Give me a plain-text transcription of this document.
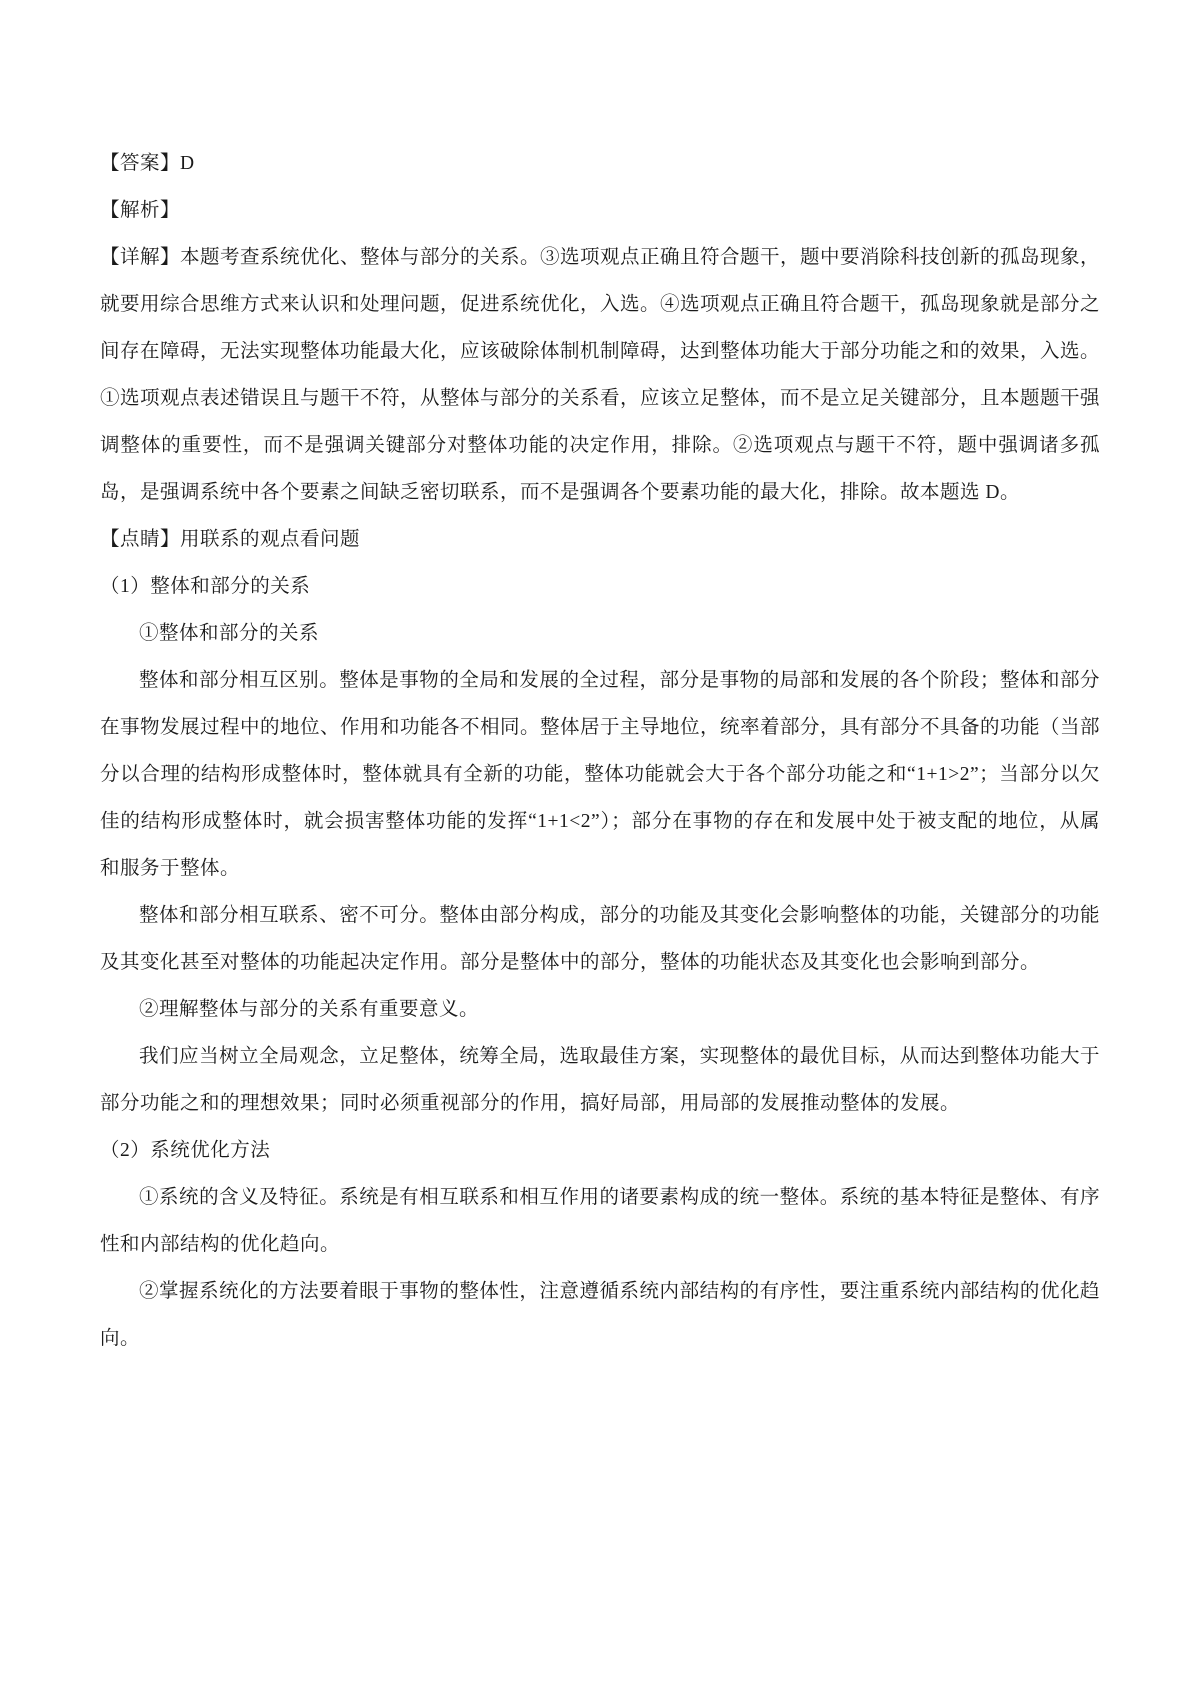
【答案】D

【解析】

【详解】本题考查系统优化、整体与部分的关系。③选项观点正确且符合题干，题中要消除科技创新的孤岛现象，就要用综合思维方式来认识和处理问题，促进系统优化，入选。④选项观点正确且符合题干，孤岛现象就是部分之间存在障碍，无法实现整体功能最大化，应该破除体制机制障碍，达到整体功能大于部分功能之和的效果，入选。①选项观点表述错误且与题干不符，从整体与部分的关系看，应该立足整体，而不是立足关键部分，且本题题干强调整体的重要性，而不是强调关键部分对整体功能的决定作用，排除。②选项观点与题干不符，题中强调诸多孤岛，是强调系统中各个要素之间缺乏密切联系，而不是强调各个要素功能的最大化，排除。故本题选 D。

【点睛】用联系的观点看问题

（1）整体和部分的关系

①整体和部分的关系

整体和部分相互区别。整体是事物的全局和发展的全过程，部分是事物的局部和发展的各个阶段；整体和部分在事物发展过程中的地位、作用和功能各不相同。整体居于主导地位，统率着部分，具有部分不具备的功能（当部分以合理的结构形成整体时，整体就具有全新的功能，整体功能就会大于各个部分功能之和“1+1>2”；当部分以欠佳的结构形成整体时，就会损害整体功能的发挥“1+1<2”）；部分在事物的存在和发展中处于被支配的地位，从属和服务于整体。

整体和部分相互联系、密不可分。整体由部分构成，部分的功能及其变化会影响整体的功能，关键部分的功能及其变化甚至对整体的功能起决定作用。部分是整体中的部分，整体的功能状态及其变化也会影响到部分。

②理解整体与部分的关系有重要意义。

我们应当树立全局观念，立足整体，统筹全局，选取最佳方案，实现整体的最优目标，从而达到整体功能大于部分功能之和的理想效果；同时必须重视部分的作用，搞好局部，用局部的发展推动整体的发展。

（2）系统优化方法

①系统的含义及特征。系统是有相互联系和相互作用的诸要素构成的统一整体。系统的基本特征是整体、有序性和内部结构的优化趋向。

②掌握系统化的方法要着眼于事物的整体性，注意遵循系统内部结构的有序性，要注重系统内部结构的优化趋向。
